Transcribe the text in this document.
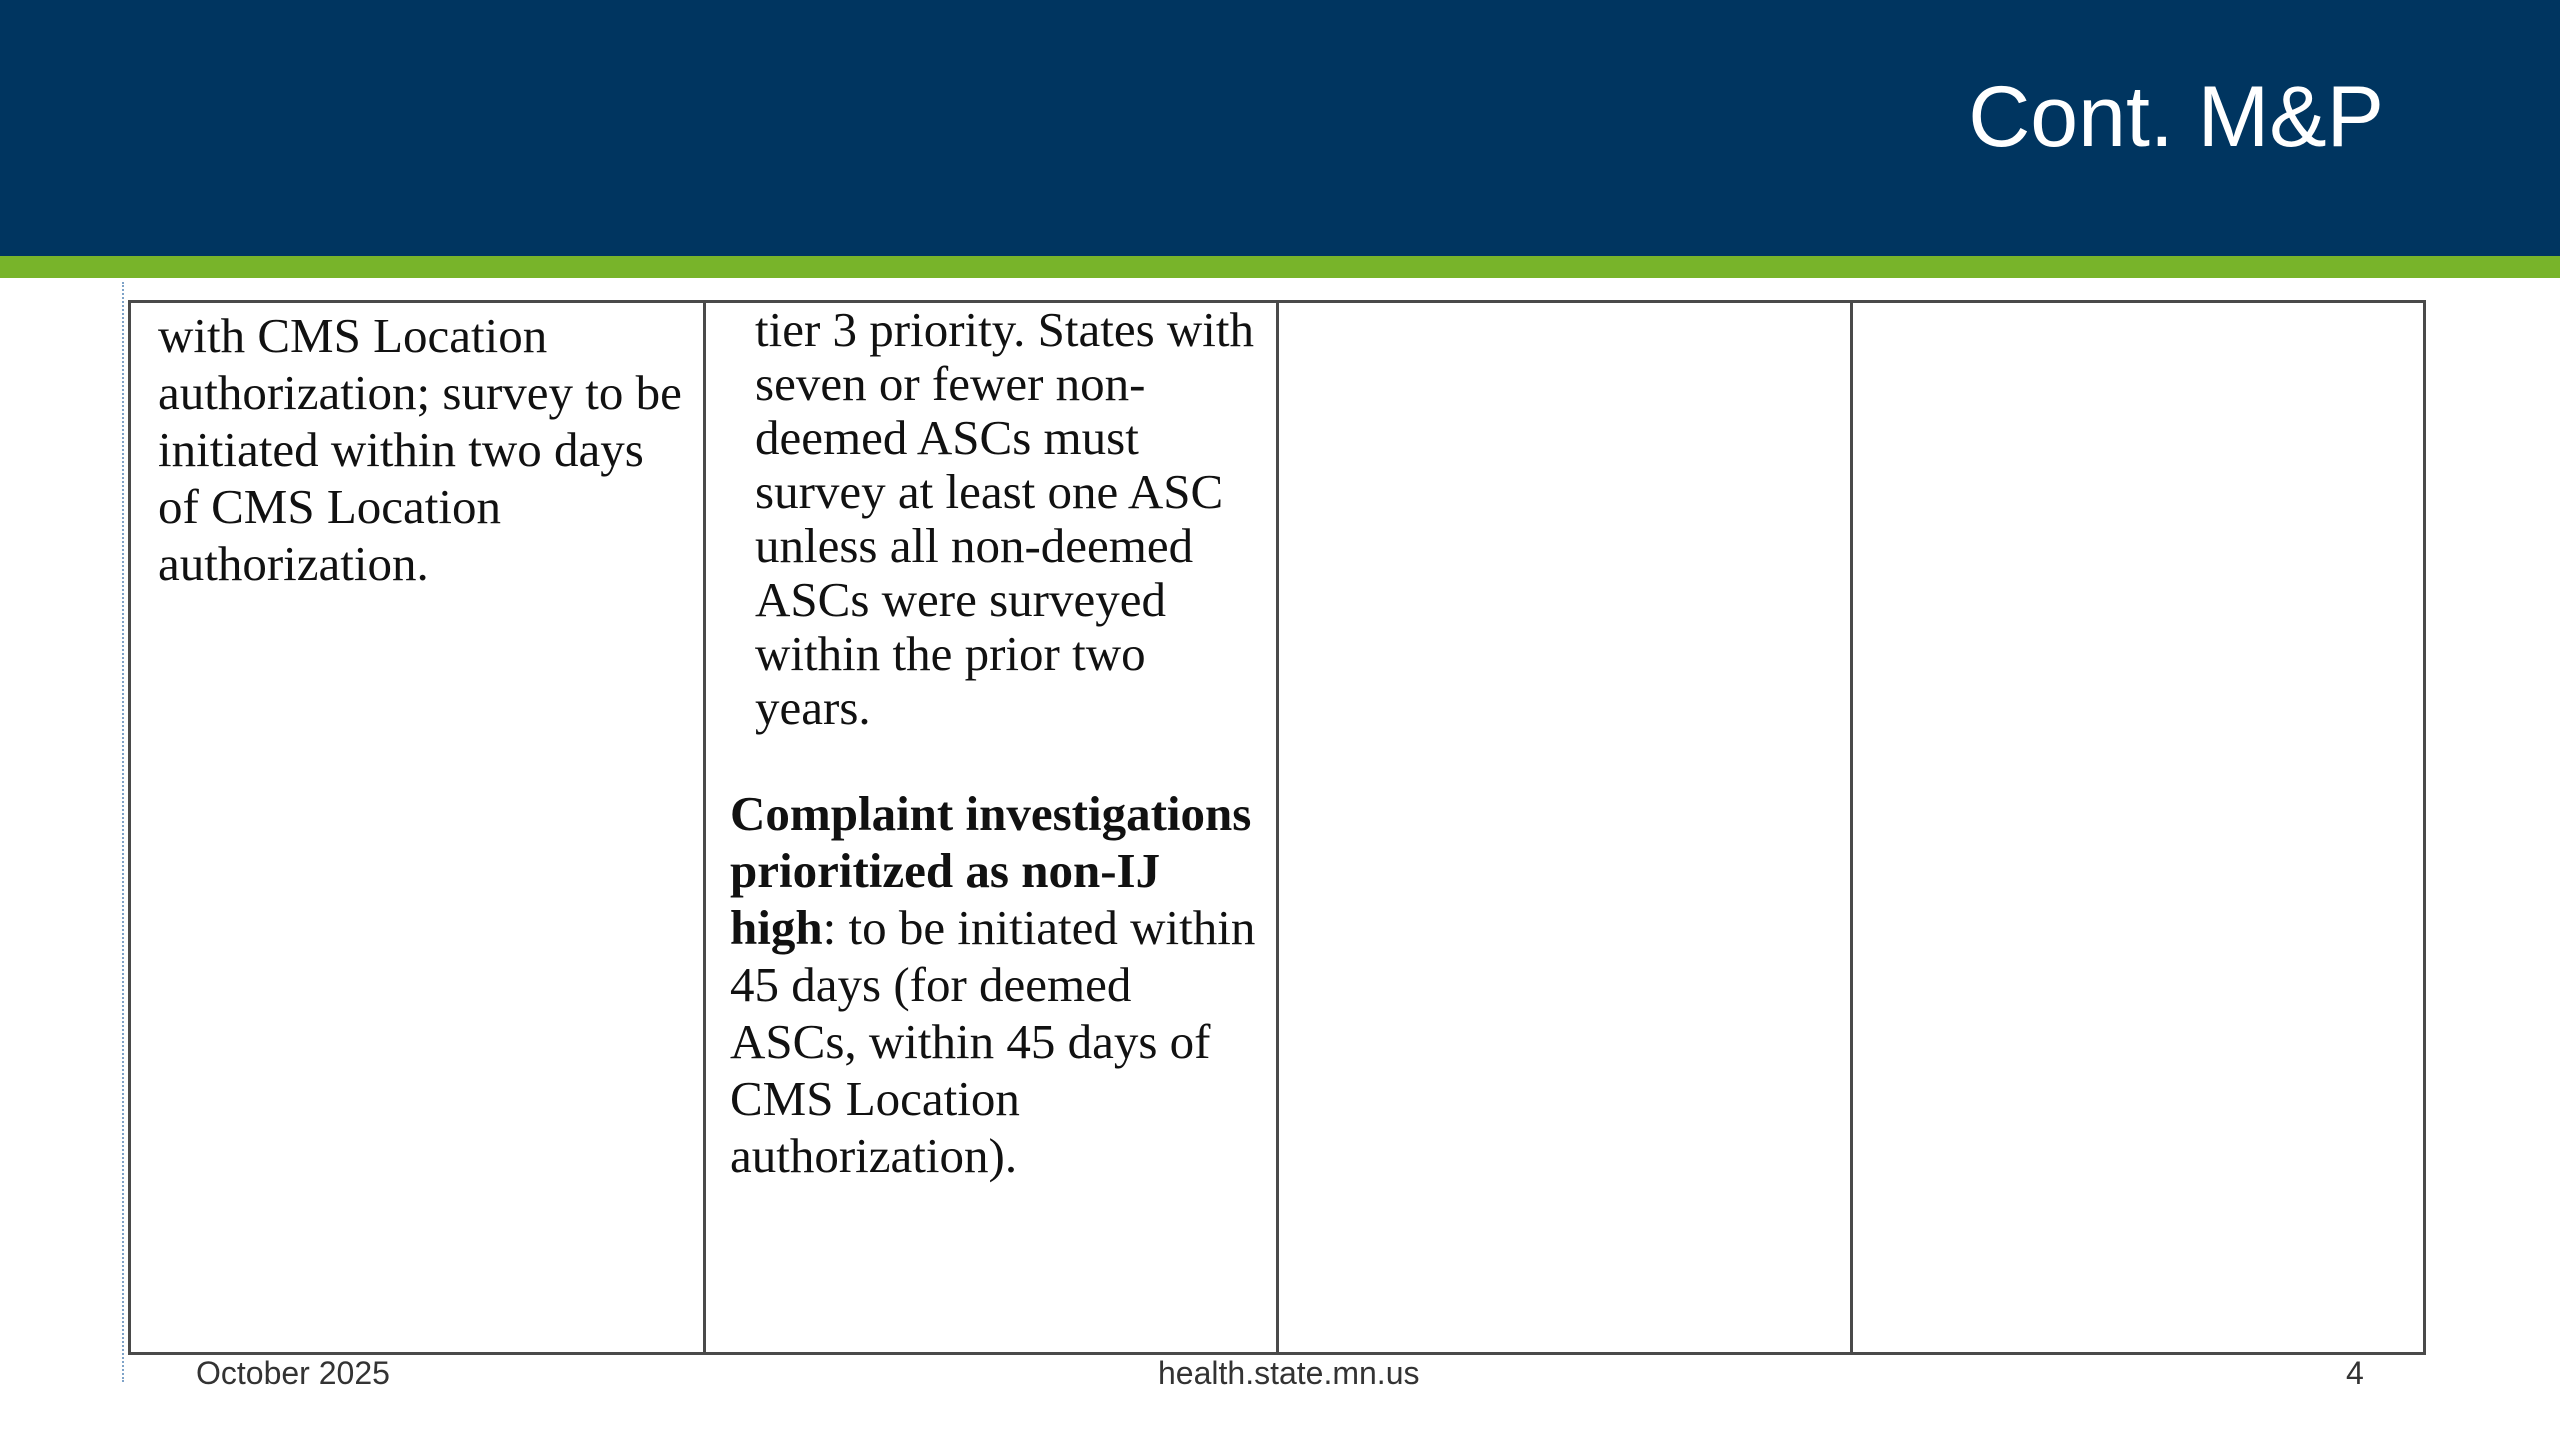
Cont. M&P
October 2025	health.state.mn.us	4
with CMS Location authorization; survey to be initiated within two days of CMS Location authorization.
tier 3 priority. States with seven or fewer non-deemed ASCs must survey at least one ASC unless all non-deemed ASCs were surveyed within the prior two years.
Complaint investigations prioritized as non-IJ high: to be initiated within 45 days (for deemed ASCs, within 45 days of CMS Location authorization).
